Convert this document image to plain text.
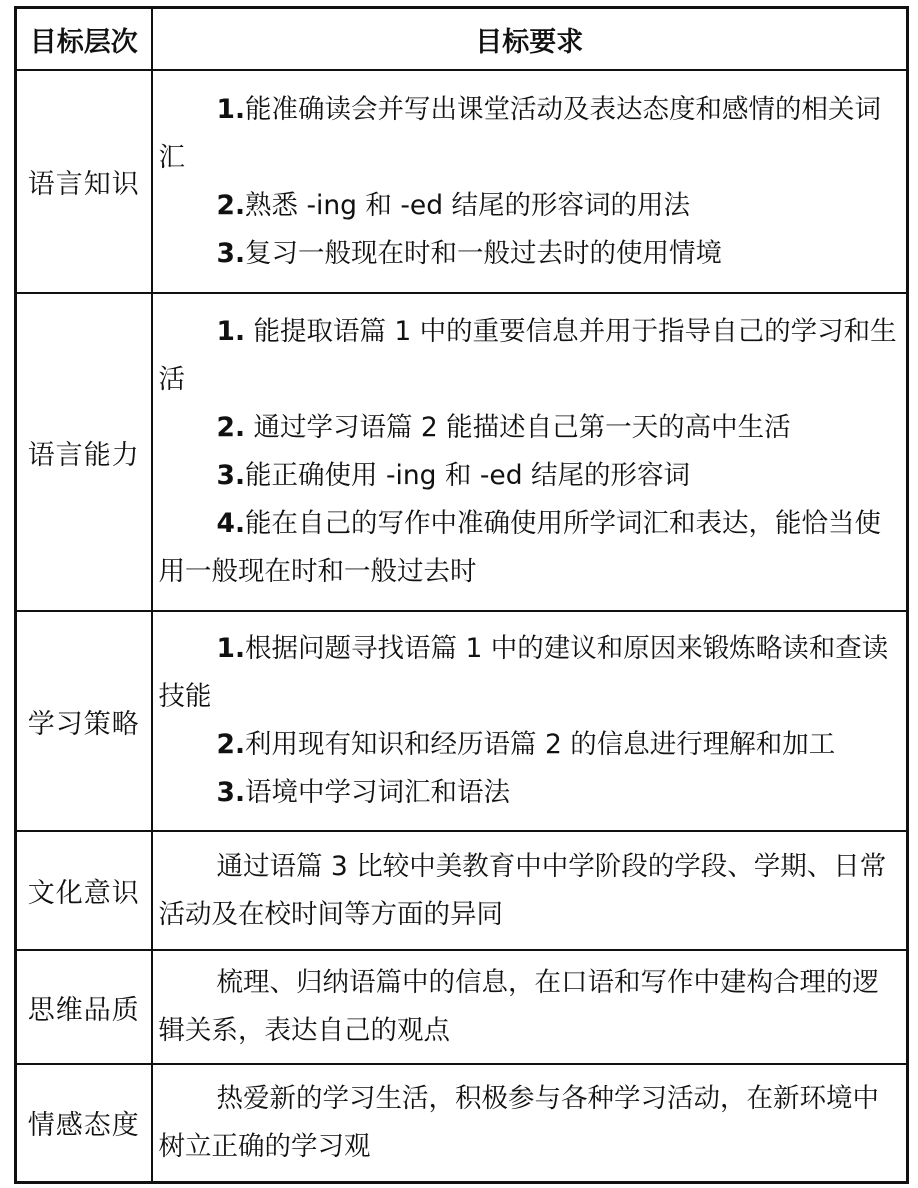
目标层次	目标要求
语言知识	1.能准确读会并写出课堂活动及表达态度和感情的相关词汇

2.熟悉 -ing 和 -ed 结尾的形容词的用法

3.复习一般现在时和一般过去时的使用情境

语言能力	1. 能提取语篇 1 中的重要信息并用于指导自己的学习和生活

2. 通过学习语篇 2 能描述自己第一天的高中生活

3.能正确使用 -ing 和 -ed 结尾的形容词

4.能在自己的写作中准确使用所学词汇和表达，能恰当使用一般现在时和一般过去时

学习策略	1.根据问题寻找语篇 1 中的建议和原因来锻炼略读和查读技能

2.利用现有知识和经历语篇 2 的信息进行理解和加工

3.语境中学习词汇和语法

文化意识	通过语篇 3 比较中美教育中中学阶段的学段、学期、日常活动及在校时间等方面的异同

思维品质	梳理、归纳语篇中的信息，在口语和写作中建构合理的逻辑关系，表达自己的观点

情感态度	热爱新的学习生活，积极参与各种学习活动，在新环境中树立正确的学习观
